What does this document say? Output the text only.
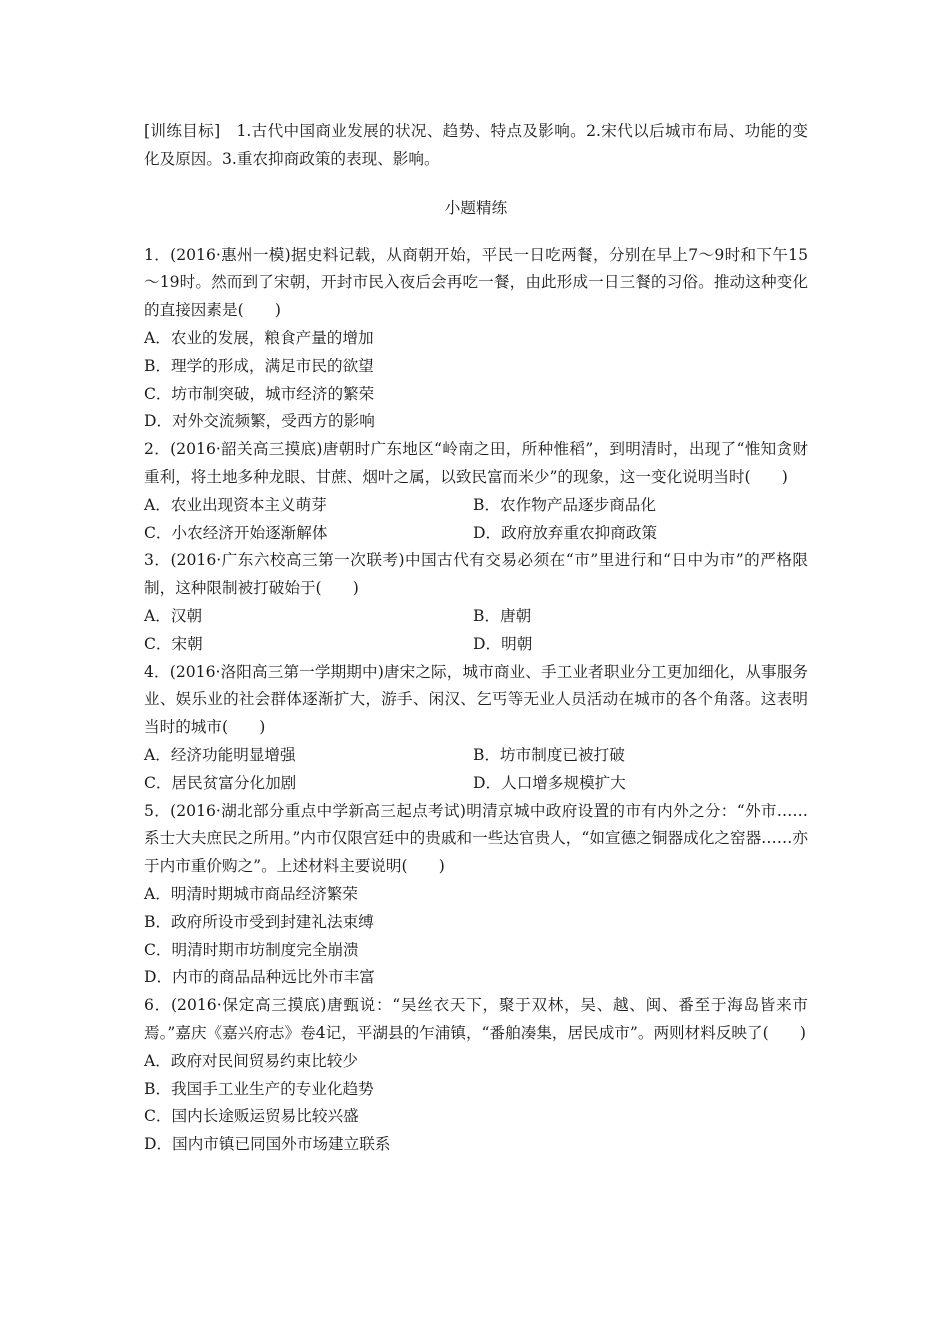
[训练目标]　1.古代中国商业发展的状况、趋势、特点及影响。2.宋代以后城市布局、功能的变化及原因。3.重农抑商政策的表现、影响。

小题精练

1．(2016·惠州一模)据史料记载，从商朝开始，平民一日吃两餐，分别在早上7～9时和下午15～19时。然而到了宋朝，开封市民入夜后会再吃一餐，由此形成一日三餐的习俗。推动这种变化的直接因素是(　　)

A．农业的发展，粮食产量的增加

B．理学的形成，满足市民的欲望

C．坊市制突破，城市经济的繁荣

D．对外交流频繁，受西方的影响

2．(2016·韶关高三摸底)唐朝时广东地区“岭南之田，所种惟稻”，到明清时，出现了“惟知贪财重利，将土地多种龙眼、甘蔗、烟叶之属，以致民富而米少”的现象，这一变化说明当时(　　)

A．农业出现资本主义萌芽	B．农作物产品逐步商品化

C．小农经济开始逐渐解体	D．政府放弃重农抑商政策

3．(2016·广东六校高三第一次联考)中国古代有交易必须在“市”里进行和“日中为市”的严格限制，这种限制被打破始于(　　)

A．汉朝	B．唐朝

C．宋朝	D．明朝

4．(2016·洛阳高三第一学期期中)唐宋之际，城市商业、手工业者职业分工更加细化，从事服务业、娱乐业的社会群体逐渐扩大，游手、闲汉、乞丐等无业人员活动在城市的各个角落。这表明当时的城市(　　)

A．经济功能明显增强	B．坊市制度已被打破

C．居民贫富分化加剧	D．人口增多规模扩大

5．(2016·湖北部分重点中学新高三起点考试)明清京城中政府设置的市有内外之分：“外市……系士大夫庶民之所用。”内市仅限宫廷中的贵戚和一些达官贵人，“如宣德之铜器成化之窑器……亦于内市重价购之”。上述材料主要说明(　　)

A．明清时期城市商品经济繁荣

B．政府所设市受到封建礼法束缚

C．明清时期市坊制度完全崩溃

D．内市的商品品种远比外市丰富

6．(2016·保定高三摸底)唐甄说：“吴丝衣天下，聚于双林，吴、越、闽、番至于海岛皆来市焉。”嘉庆《嘉兴府志》卷4记，平湖县的乍浦镇，“番舶凑集，居民成市”。两则材料反映了(　　)

A．政府对民间贸易约束比较少

B．我国手工业生产的专业化趋势

C．国内长途贩运贸易比较兴盛

D．国内市镇已同国外市场建立联系
